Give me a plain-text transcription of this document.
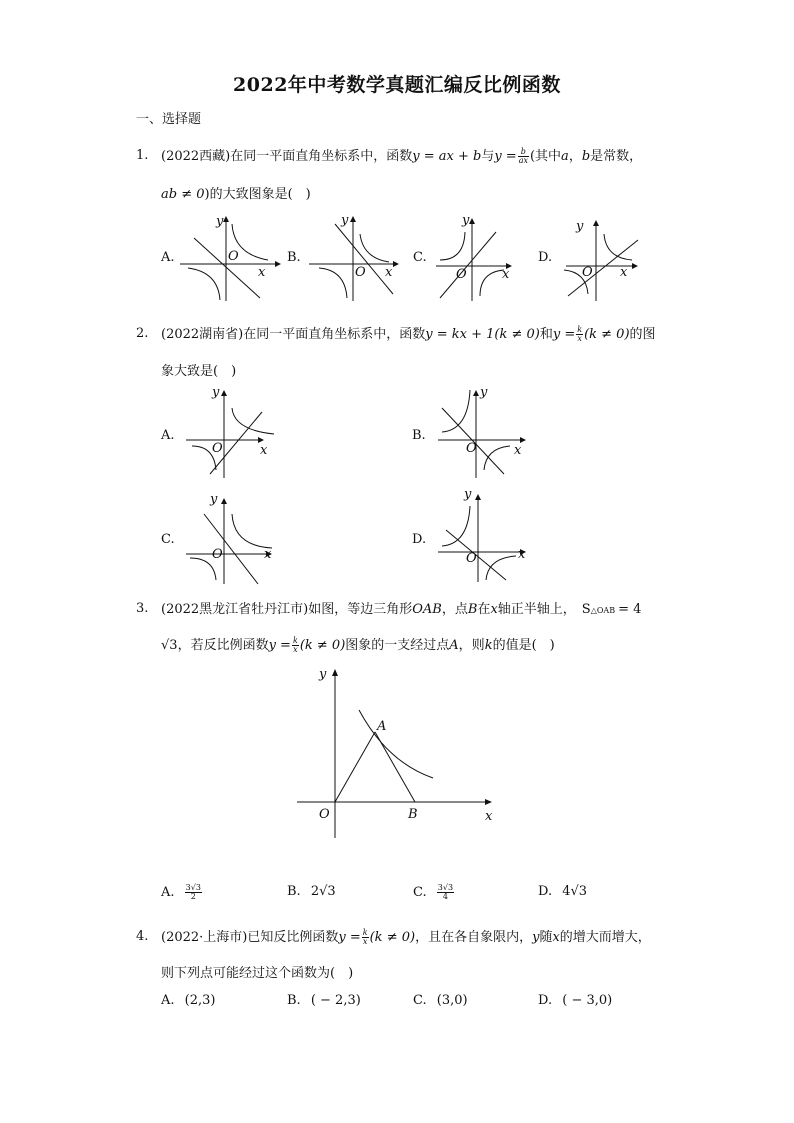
2022年中考数学真题汇编反比例函数
一、选择题
1. (2022西藏)在同一平面直角坐标系中，函数y = ax + b与$y = \frac{b}{ax}$ (其中a，b是常数，
ab ≠ 0)的大致图象是(　)
A.	B.	C.	D.
O
x
y
O x
y
O	x
y
O x
y
2. (2022湖南省)在同一平面直角坐标系中，函数y = kx + 1(k ≠ 0)和$y = \frac{k}{x} (k \ne 0)$的图
象大致是(　)
A.	B.
C.	D.
O	x
y
O	x
y
O	x
y
O	x
y
3. (2022黑龙江省牡丹江市)如图，等边三角形OAB，点B在x轴正半轴上， S△OAB = 4
√3，若反比例函数$y = \frac{k}{x} (k \ne 0)$图象的一支经过点A，则k的值是(　)
y
x
O
A
B
A. $\frac{3√3}{2}$	B. 2√3	C. $\frac{3√3}{4}$	D. 4√3
4. (2022·上海市)已知反比例函数$y = \frac{k}{x} (k \ne 0)$，且在各自象限内，y随x的增大而增大，
则下列点可能经过这个函数为(　)
A. (2,3)	B. ( − 2,3)	C. (3,0)	D. ( − 3,0)
